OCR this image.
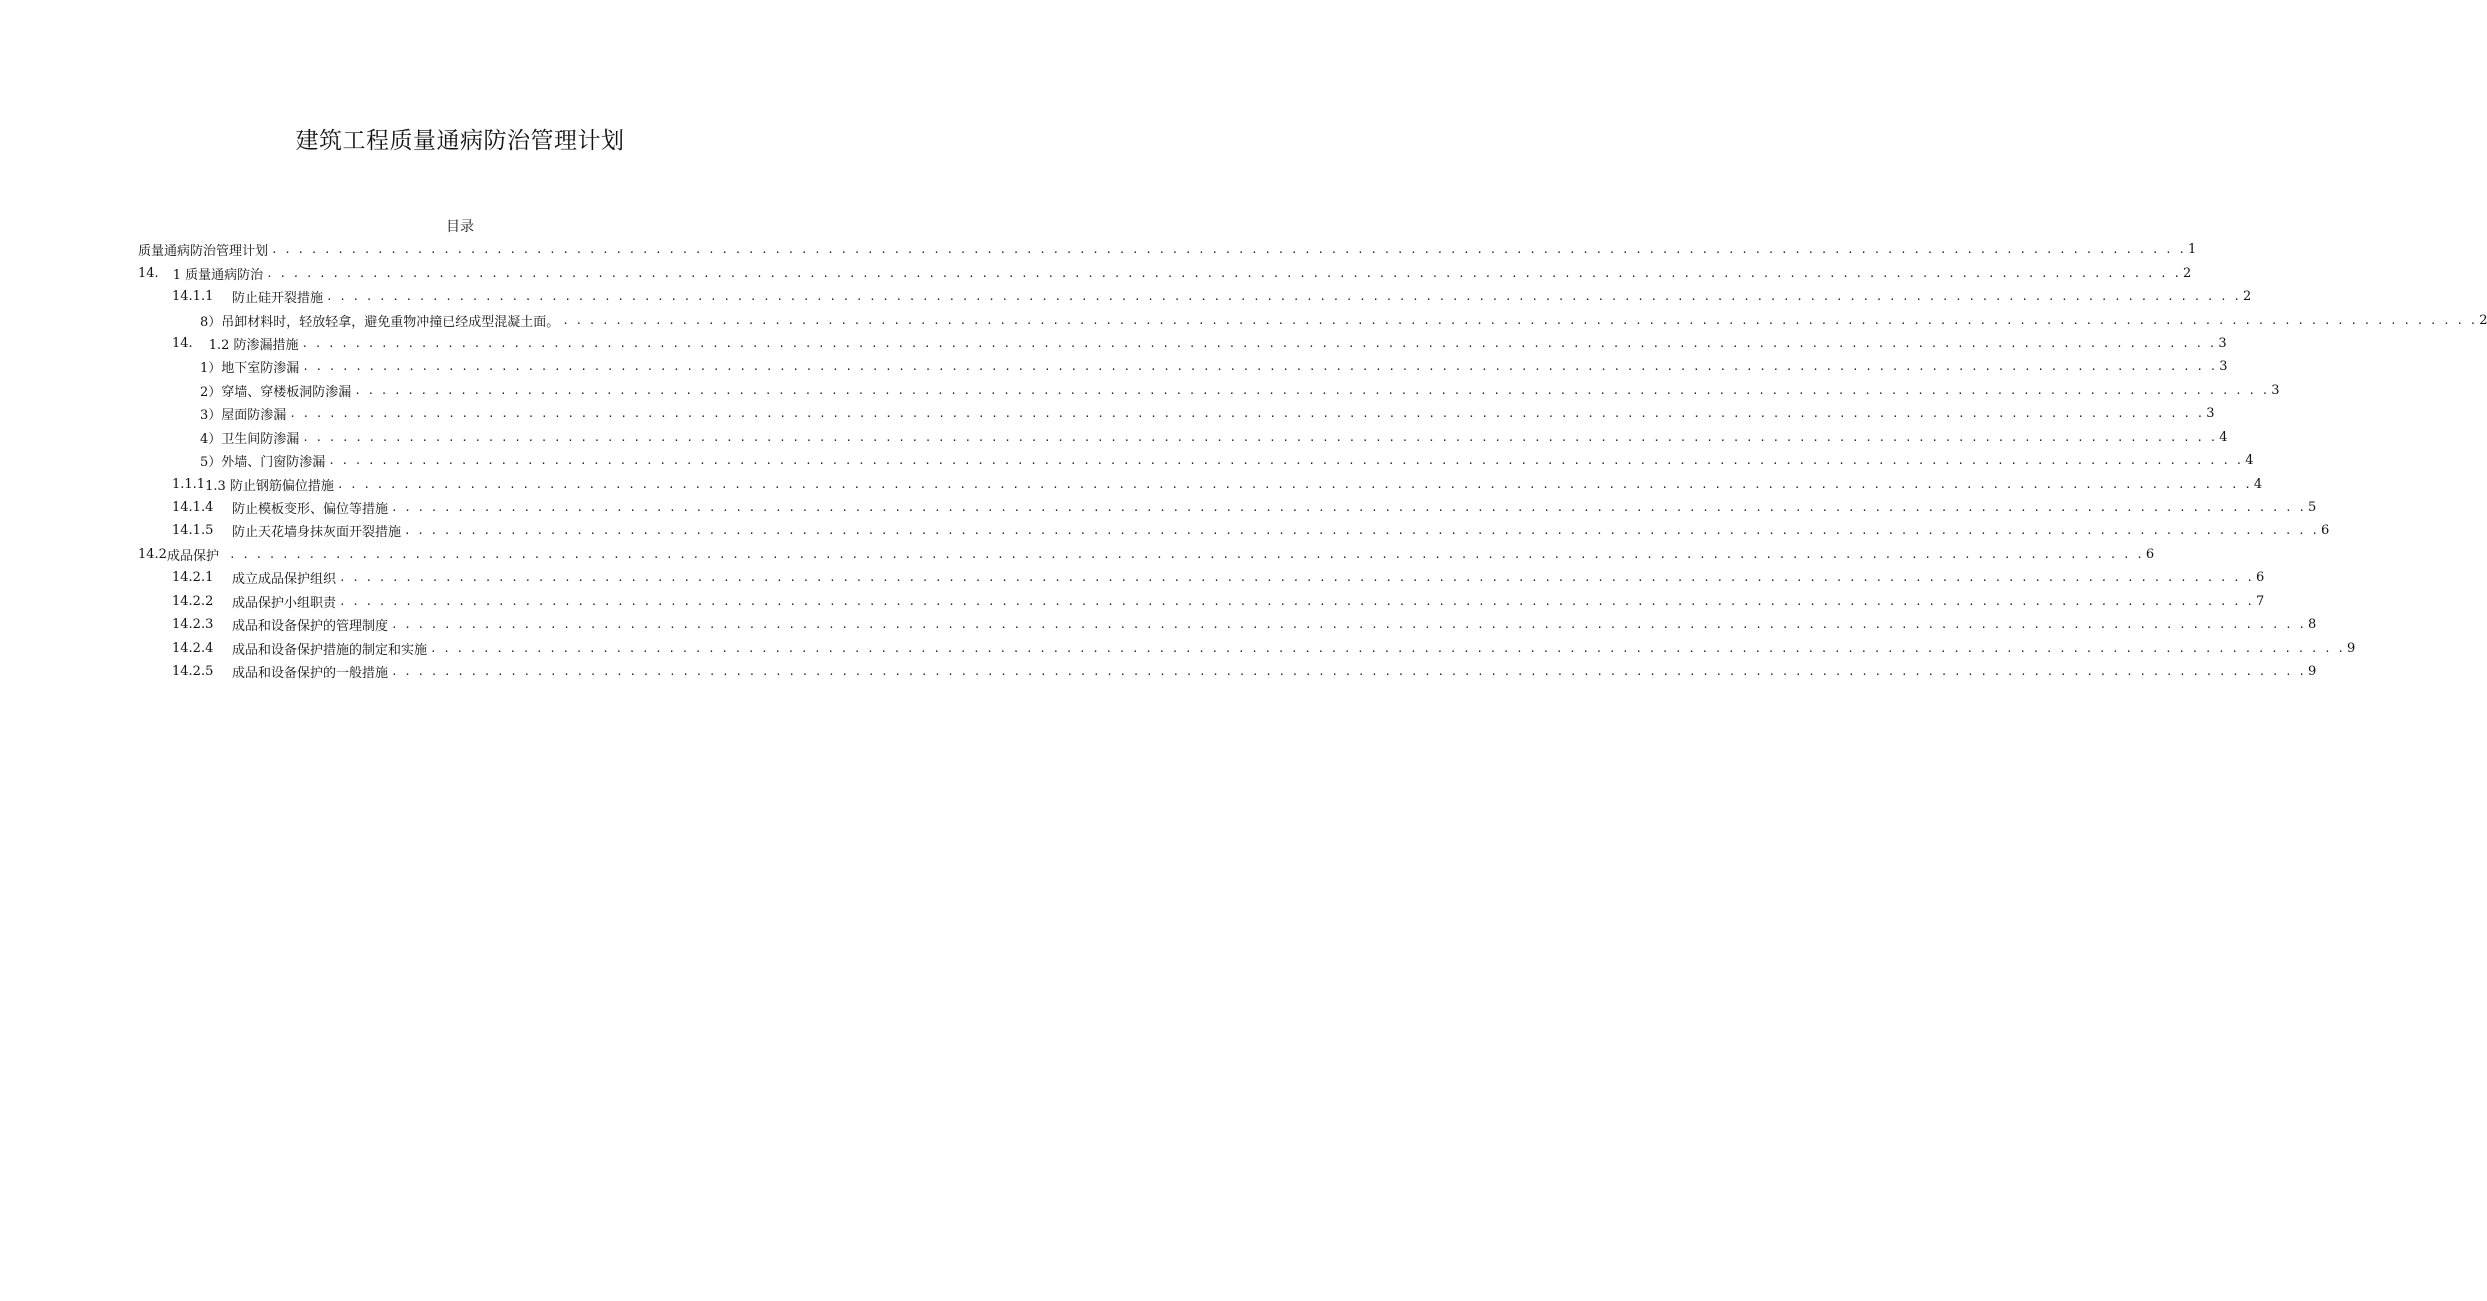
建筑工程质量通病防治管理计划
目录
质量通病防治管理计划 . . .	1
14. 1 质量通病防治 . . .	2
14.1.1	防止硅开裂措施 . . .	2
8）吊卸材料时，轻放轻拿，避免重物冲撞已经成型混凝土面。 . . .	2
14. 1.2 防渗漏措施 . . .	3
1）地下室防渗漏 . . .	3
2）穿墙、穿楼板洞防渗漏 . . .	3
3）屋面防渗漏 . . .	3
4）卫生间防渗漏 . . .	4
5）外墙、门窗防渗漏 . . .	4
1.1.1 1.3 防止钢筋偏位措施 . . .	4
14.1.4	防止模板变形、偏位等措施 . . .	5
14.1.5	防止天花墙身抹灰面开裂措施 . . .	6
14.2 成品保护 . . .	6
14.2.1	成立成品保护组织 . . .	6
14.2.2	成品保护小组职责 . . .	7
14.2.3	成品和设备保护的管理制度 . . .	8
14.2.4	成品和设备保护措施的制定和实施 . . .	9
14.2.5	成品和设备保护的一般措施 . . .	9
